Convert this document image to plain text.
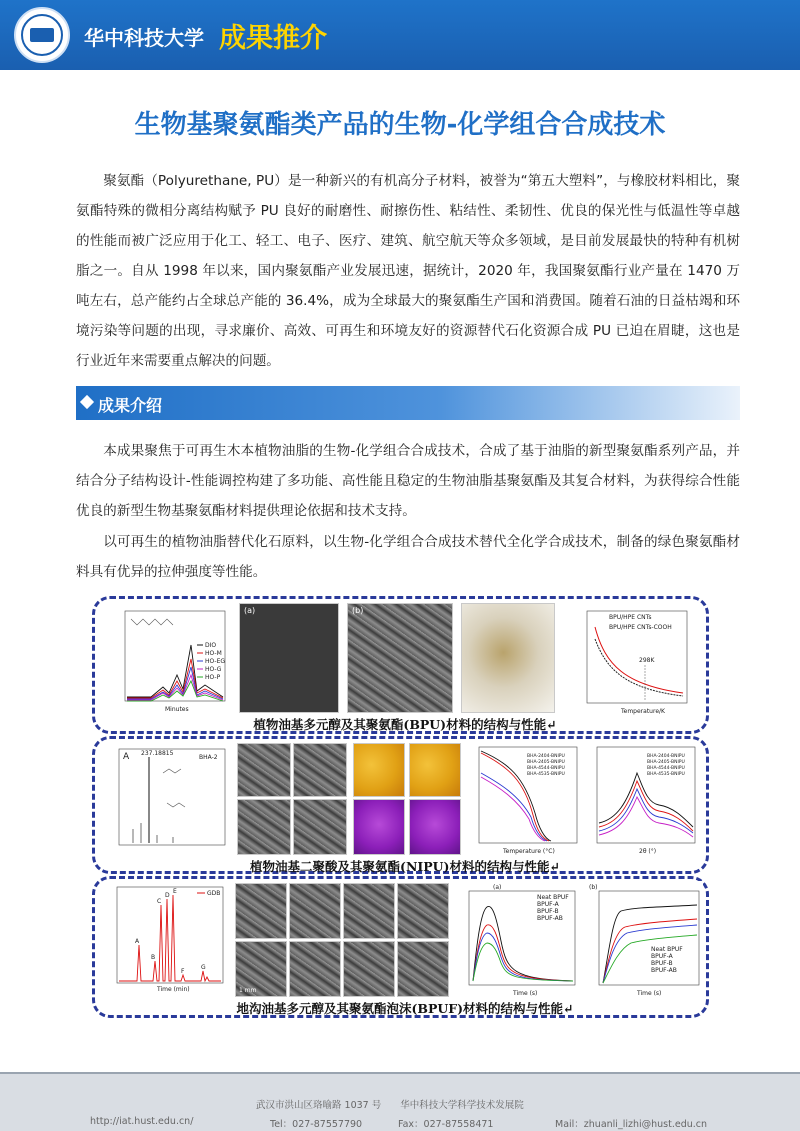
华中科技大学 成果推介
生物基聚氨酯类产品的生物-化学组合合成技术
聚氨酯（Polyurethane, PU）是一种新兴的有机高分子材料，被誉为“第五大塑料”，与橡胶材料相比，聚氨酯特殊的微相分离结构赋予 PU 良好的耐磨性、耐擦伤性、粘结性、柔韧性、优良的保光性与低温性等卓越的性能而被广泛应用于化工、轻工、电子、医疗、建筑、航空航天等众多领域，是目前发展最快的特种有机树脂之一。自从 1998 年以来，国内聚氨酯产业发展迅速，据统计，2020 年，我国聚氨酯行业产量在 1470 万吨左右，总产能约占全球总产能的 36.4%，成为全球最大的聚氨酯生产国和消费国。随着石油的日益枯竭和环境污染等问题的出现，寻求廉价、高效、可再生和环境友好的资源替代石化资源合成 PU 已迫在眉睫，这也是行业近年来需要重点解决的问题。
成果介绍
本成果聚焦于可再生木本植物油脂的生物-化学组合合成技术，合成了基于油脂的新型聚氨酯系列产品，并结合分子结构设计-性能调控构建了多功能、高性能且稳定的生物油脂基聚氨酯及其复合材料，为获得综合性能优良的新型生物基聚氨酯材料提供理论依据和技术支持。
以可再生的植物油脂替代化石原料，以生物-化学组合合成技术替代全化学合成技术，制备的绿色聚氨酯材料具有优异的拉伸强度等性能。
DIO
HO-M
HO-EG
HO-G
HO-P
Minutes
(a)	(b)
298K
BPU/HPE CNTs
BPU/HPE CNTs-COOH
Temperature/K
植物油基多元醇及其聚氨酯(BPU)材料的结构与性能↵
A 237.18815
BHA-2	BHA-2404-BNIPU
BHA-2405-BNIPU
BHA-4544-BNIPU
BHA-4535-BNIPU
Temperature (°C)
BHA-2404-BNIPU
BHA-2405-BNIPU
BHA-4544-BNIPU
BHA-4535-BNIPU
2θ (°)
植物油基二聚酸及其聚氨酯(NIPU)材料的结构与性能↵
GDB
A
B
C
D
E
F
G
Time (min)	1 mm
(a)
Neat BPUF
BPUF-A
BPUF-B
BPUF-AB
Time (s)
(b)
Neat BPUF
BPUF-A
BPUF-B
BPUF-AB
Time (s)
地沟油基多元醇及其聚氨酯泡沫(BPUF)材料的结构与性能↵
武汉市洪山区珞喻路 1037 号　　华中科技大学科学技术发展院
http://iat.hust.edu.cn/	Tel：027-87557790	Fax：027-87558471	Mail：zhuanli_lizhi@hust.edu.cn
